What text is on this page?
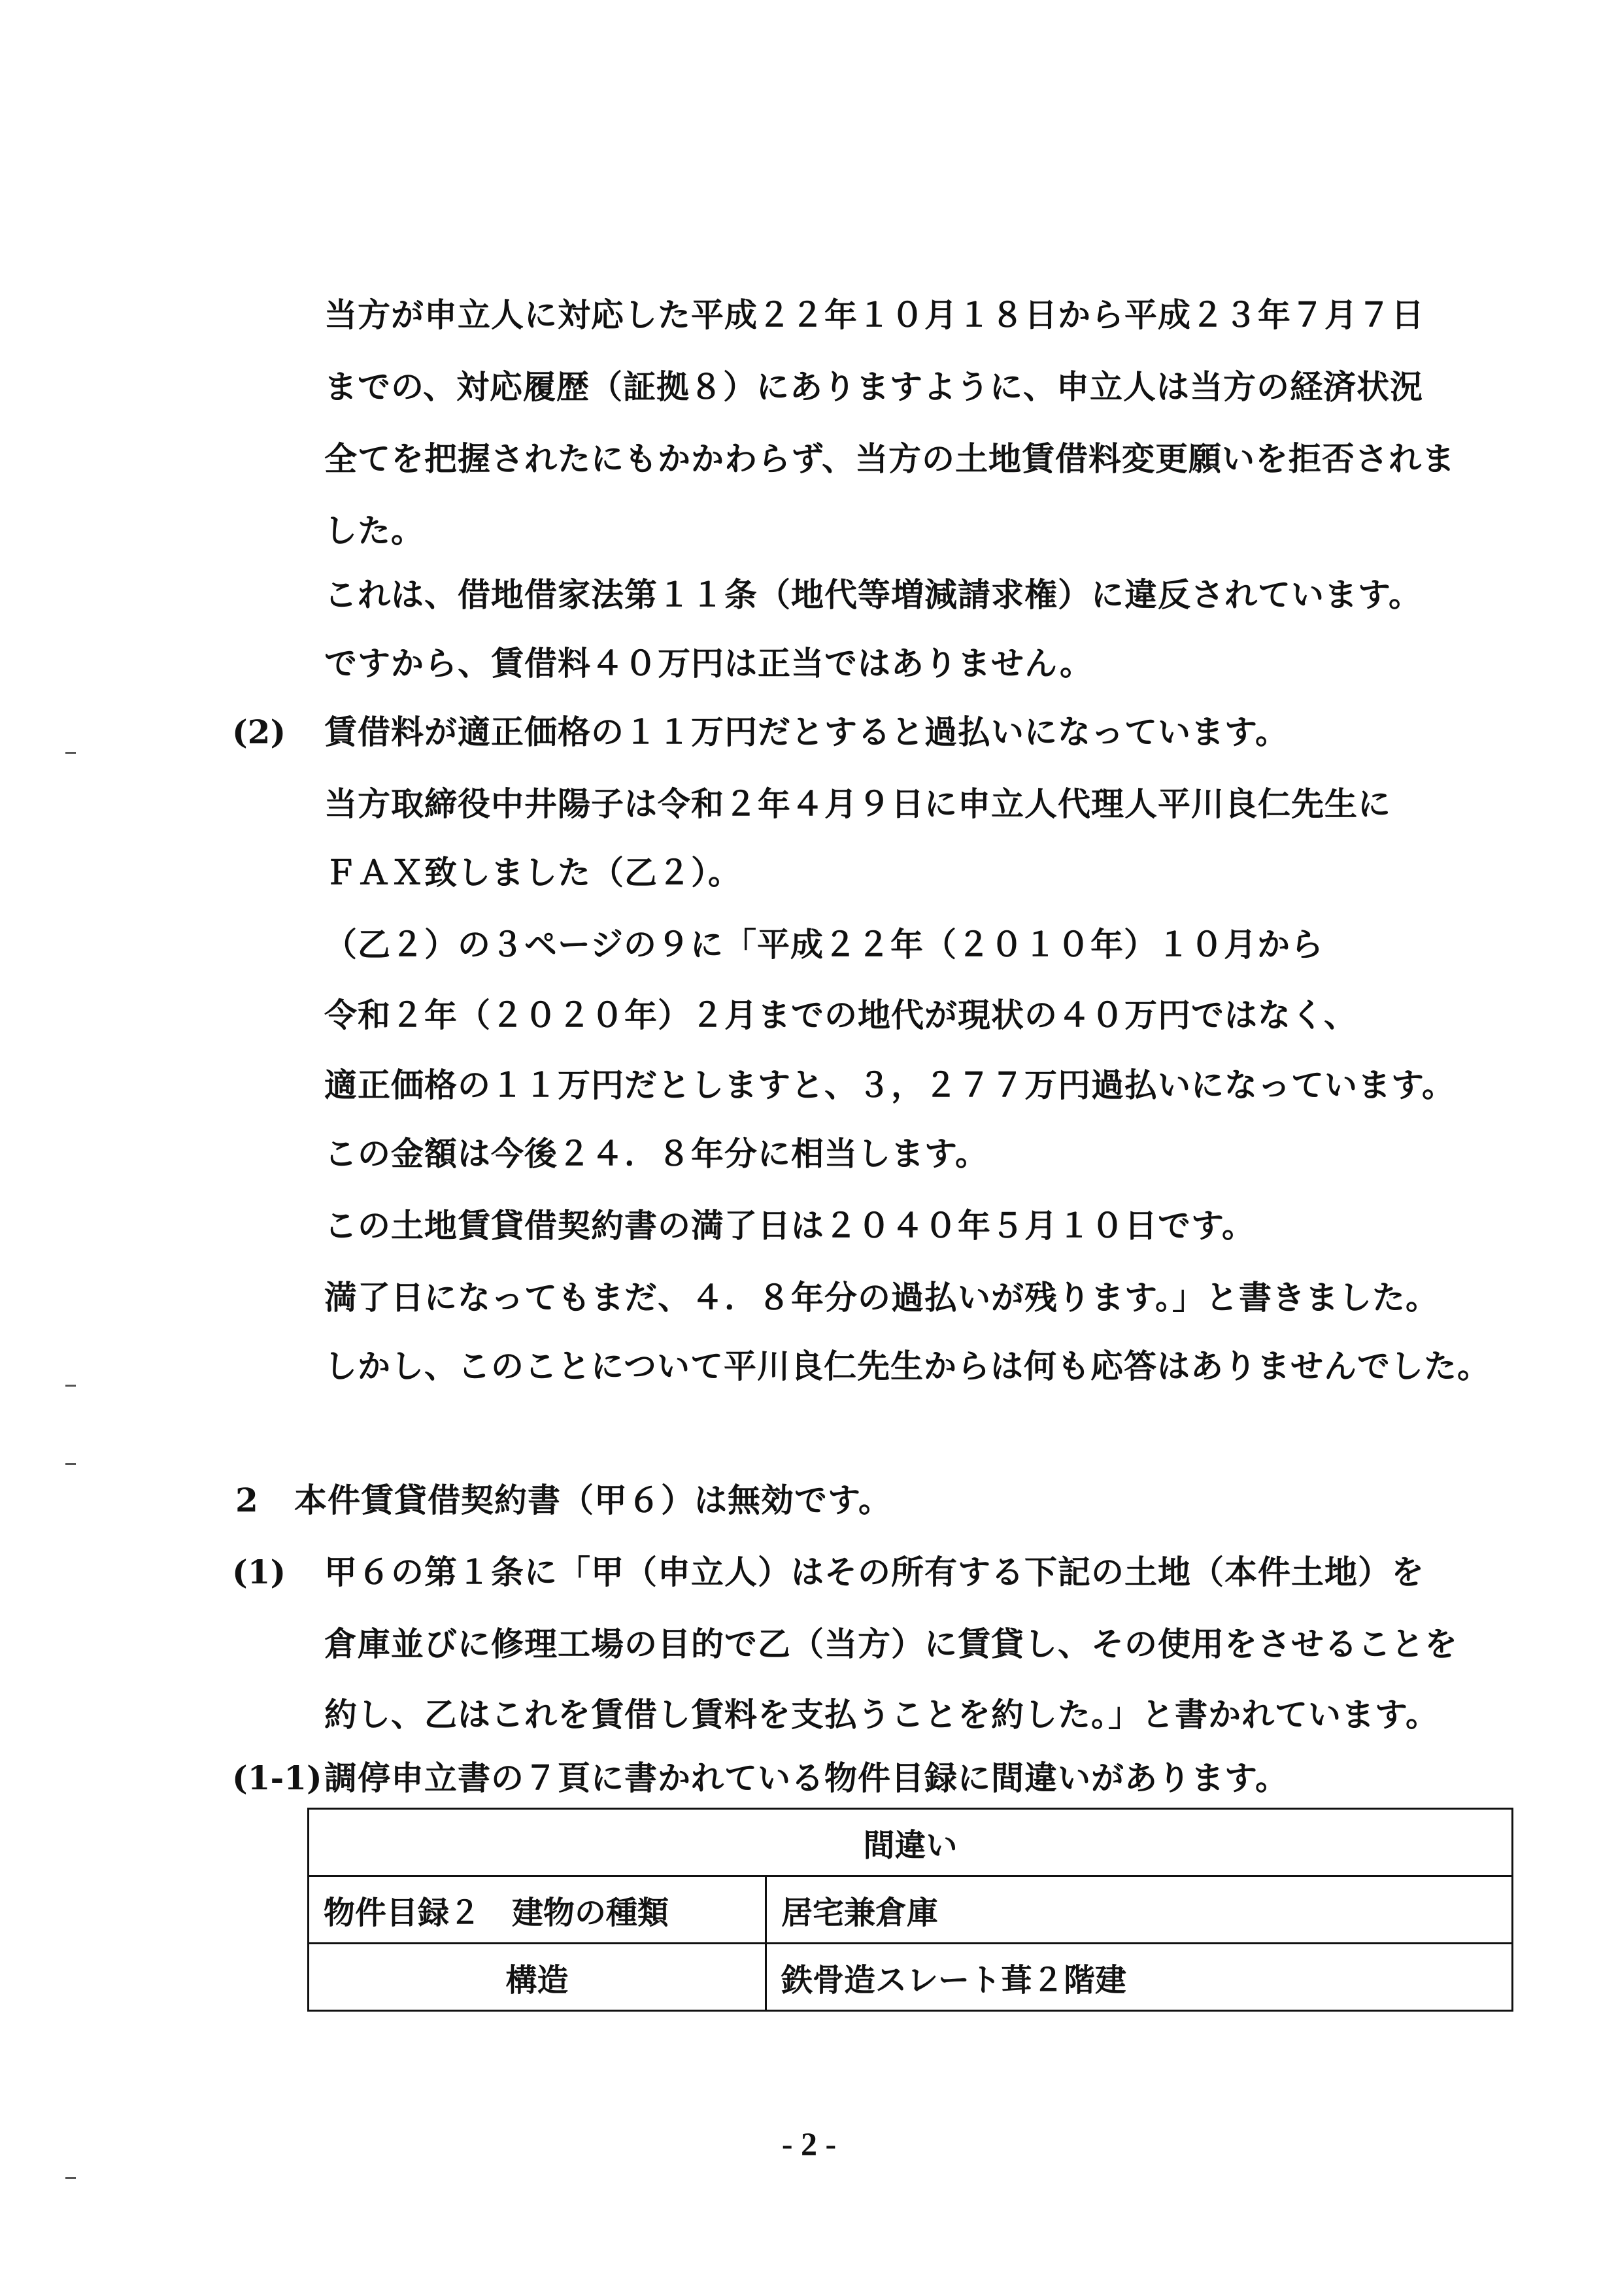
当方が申立人に対応した平成２２年１０月１８日から平成２３年７月７日
までの、対応履歴（証拠８）にありますように、申立人は当方の経済状況
全てを把握されたにもかかわらず、当方の土地賃借料変更願いを拒否されま
した。
これは、借地借家法第１１条（地代等増減請求権）に違反されています。
ですから、賃借料４０万円は正当ではありません。
(2) 賃借料が適正価格の１１万円だとすると過払いになっています。
当方取締役中井陽子は令和２年４月９日に申立人代理人平川良仁先生に
ＦＡＸ致しました（乙２）。
（乙２）の３ページの９に「平成２２年（２０１０年）１０月から
令和２年（２０２０年）２月までの地代が現状の４０万円ではなく、
適正価格の１１万円だとしますと、３，２７７万円過払いになっています。
この金額は今後２４．８年分に相当します。
この土地賃貸借契約書の満了日は２０４０年５月１０日です。
満了日になってもまだ、４．８年分の過払いが残ります。」と書きました。
しかし、このことについて平川良仁先生からは何も応答はありませんでした。
2 本件賃貸借契約書（甲６）は無効です。
(1) 甲６の第１条に「甲（申立人）はその所有する下記の土地（本件土地）を
倉庫並びに修理工場の目的で乙（当方）に賃貸し、その使用をさせることを
約し、乙はこれを賃借し賃料を支払うことを約した。」と書かれています。
(1-1) 調停申立書の７頁に書かれている物件目録に間違いがあります。
間違い	
物件目録２　建物の種類	居宅兼倉庫
構造	鉄骨造スレート葺２階建
- 2 -
